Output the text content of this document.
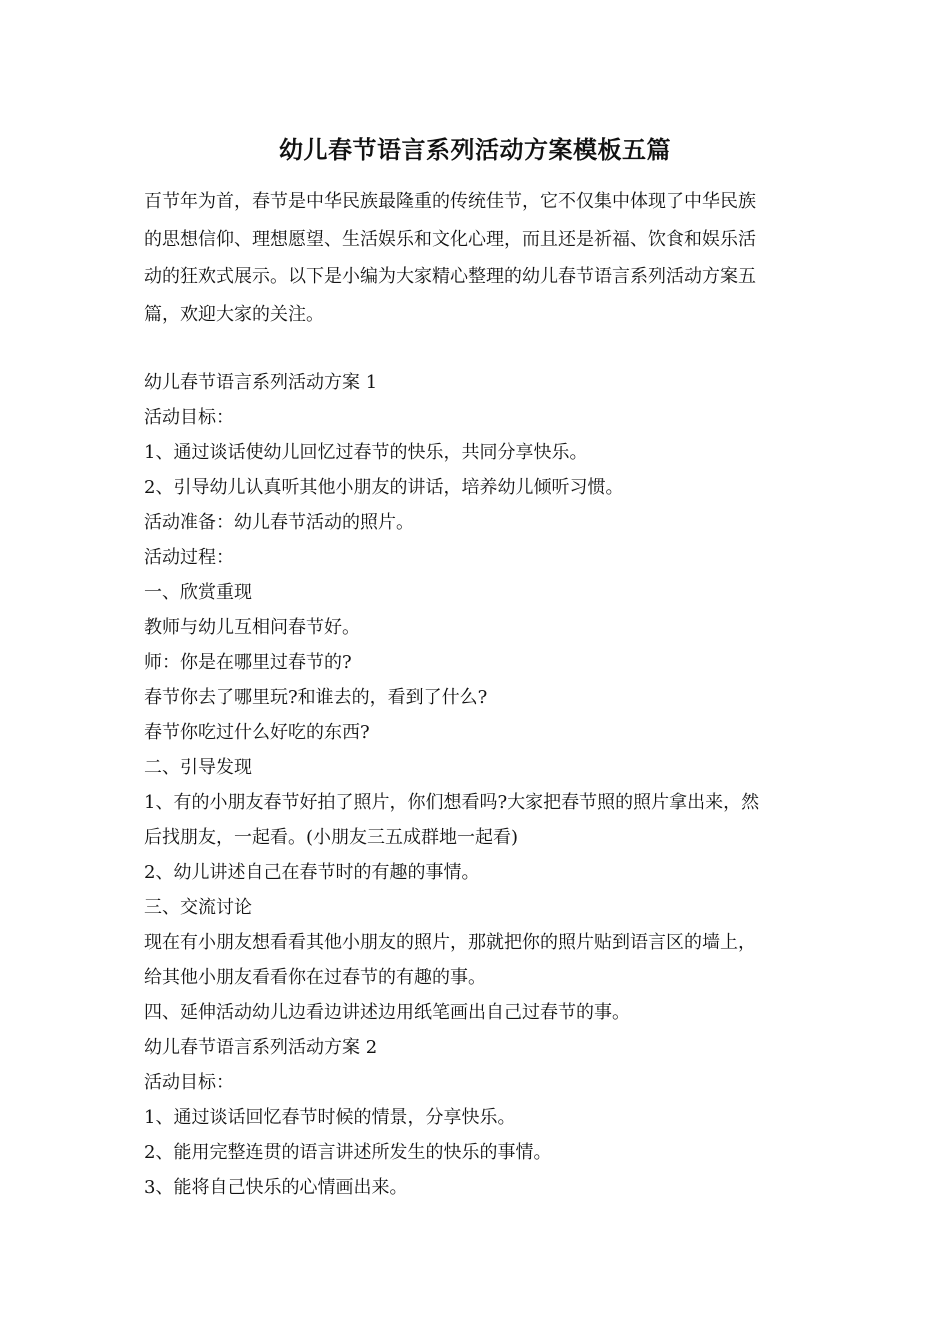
幼儿春节语言系列活动方案模板五篇
百节年为首，春节是中华民族最隆重的传统佳节，它不仅集中体现了中华民族
的思想信仰、理想愿望、生活娱乐和文化心理，而且还是祈福、饮食和娱乐活
动的狂欢式展示。以下是小编为大家精心整理的幼儿春节语言系列活动方案五
篇，欢迎大家的关注。
幼儿春节语言系列活动方案 1
活动目标：
1、通过谈话使幼儿回忆过春节的快乐，共同分享快乐。
2、引导幼儿认真听其他小朋友的讲话，培养幼儿倾听习惯。
活动准备：幼儿春节活动的照片。
活动过程：
一、欣赏重现
教师与幼儿互相问春节好。
师：你是在哪里过春节的?
春节你去了哪里玩?和谁去的，看到了什么?
春节你吃过什么好吃的东西?
二、引导发现
1、有的小朋友春节好拍了照片，你们想看吗?大家把春节照的照片拿出来，然
后找朋友，一起看。(小朋友三五成群地一起看)
2、幼儿讲述自己在春节时的有趣的事情。
三、交流讨论
现在有小朋友想看看其他小朋友的照片，那就把你的照片贴到语言区的墙上，
给其他小朋友看看你在过春节的有趣的事。
四、延伸活动幼儿边看边讲述边用纸笔画出自己过春节的事。
幼儿春节语言系列活动方案 2
活动目标：
1、通过谈话回忆春节时候的情景，分享快乐。
2、能用完整连贯的语言讲述所发生的快乐的事情。
3、能将自己快乐的心情画出来。
